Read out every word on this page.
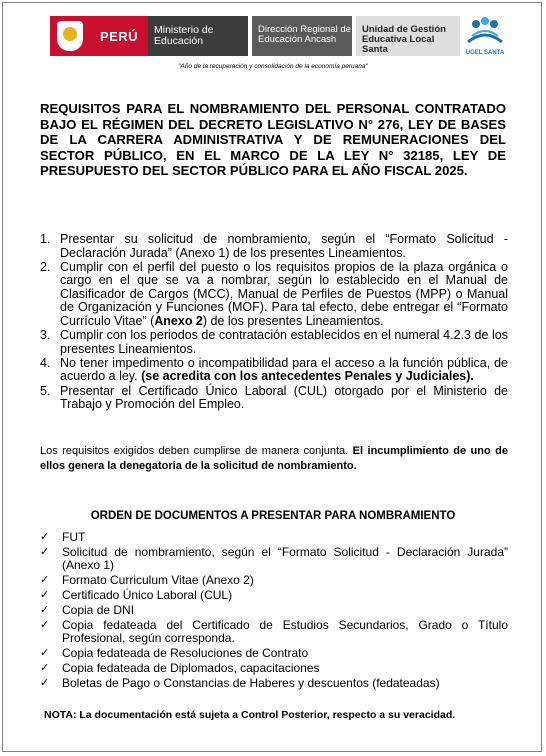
PERÚ	Ministerio de Educación
Dirección Regional de Educación Ancash
Unidad de Gestión Educativa Local Santa	UGEL SANTA
"Año de la recuperación y consolidación de la economía peruana"
REQUISITOS PARA EL NOMBRAMIENTO DEL PERSONAL CONTRATADO BAJO EL RÉGIMEN DEL DECRETO LEGISLATIVO N° 276, LEY DE BASES DE LA CARRERA ADMINISTRATIVA Y DE REMUNERACIONES DEL SECTOR PÚBLICO, EN EL MARCO DE LA LEY N° 32185, LEY DE PRESUPUESTO DEL SECTOR PÚBLICO PARA EL AÑO FISCAL 2025.
1. Presentar su solicitud de nombramiento, según el “Formato Solicitud - Declaración Jurada” (Anexo 1) de los presentes Lineamientos.
2. Cumplir con el perfil del puesto o los requisitos propios de la plaza orgánica o cargo en el que se va a nombrar, según lo establecido en el Manual de Clasificador de Cargos (MCC), Manual de Perfiles de Puestos (MPP) o Manual de Organización y Funciones (MOF). Para tal efecto, debe entregar el “Formato Currículo Vitae” (Anexo 2) de los presentes Lineamientos.
3. Cumplir con los periodos de contratación establecidos en el numeral 4.2.3 de los presentes Lineamientos.
4. No tener impedimento o incompatibilidad para el acceso a la función pública, de acuerdo a ley. (se acredita con los antecedentes Penales y Judiciales).
5. Presentar el Certificado Único Laboral (CUL) otorgado por el Ministerio de Trabajo y Promoción del Empleo.
Los requisitos exigidos deben cumplirse de manera conjunta. El incumplimiento de uno de ellos genera la denegatoria de la solicitud de nombramiento.
ORDEN DE DOCUMENTOS A PRESENTAR PARA NOMBRAMIENTO
✓ FUT
✓ Solicitud de nombramiento, según el “Formato Solicitud - Declaración Jurada” (Anexo 1)
✓ Formato Curriculum Vitae (Anexo 2)
✓ Certificado Único Laboral (CUL)
✓ Copia de DNI
✓ Copia fedateada del Certificado de Estudios Secundarios, Grado o Título Profesional, según corresponda.
✓ Copia fedateada de Resoluciones de Contrato
✓ Copia fedateada de Diplomados, capacitaciones
✓ Boletas de Pago o Constancias de Haberes y descuentos (fedateadas)
NOTA: La documentación está sujeta a Control Posterior, respecto a su veracidad.
